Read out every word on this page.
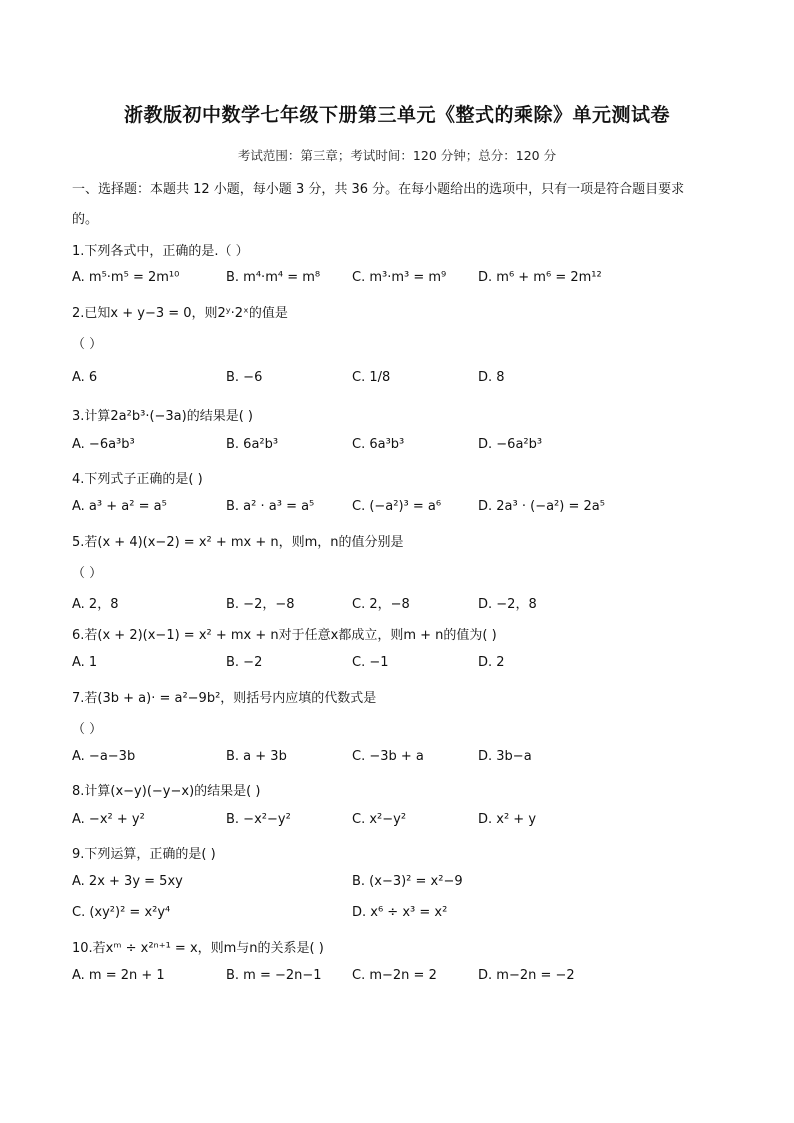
浙教版初中数学七年级下册第三单元《整式的乘除》单元测试卷
考试范围：第三章；考试时间：120 分钟；总分：120 分
一、选择题：本题共 12 小题，每小题 3 分，共 36 分。在每小题给出的选项中，只有一项是符合题目要求
的。
1.下列各式中，正确的是.（ ）
A. m⁵·m⁵ = 2m¹⁰	B. m⁴·m⁴ = m⁸ C. m³·m³ = m⁹ D. m⁶ + m⁶ = 2m¹²
2.已知x + y−3 = 0，则2ʸ·2ˣ的值是
（ ）
A. 6	B. −6	C. 1/8	D. 8
3.计算2a²b³·(−3a)的结果是( )
A. −6a³b³	B. 6a²b³	C. 6a³b³	D. −6a²b³
4.下列式子正确的是( )
A. a³ + a² = a⁵	B. a² · a³ = a⁵	C. (−a²)³ = a⁶	D. 2a³ · (−a²) = 2a⁵
5.若(x + 4)(x−2) = x² + mx + n，则m，n的值分别是
（ ）
A. 2，8	B. −2，−8	C. 2，−8	D. −2，8
6.若(x + 2)(x−1) = x² + mx + n对于任意x都成立，则m + n的值为( )
A. 1	B. −2	C. −1	D. 2
7.若(3b + a)· = a²−9b²，则括号内应填的代数式是
（ ）
A. −a−3b	B. a + 3b	C. −3b + a	D. 3b−a
8.计算(x−y)(−y−x)的结果是( )
A. −x² + y²	B. −x²−y²	C. x²−y²	D. x² + y
9.下列运算，正确的是( )
A. 2x + 3y = 5xy	B. (x−3)² = x²−9
C. (xy²)² = x²y⁴	D. x⁶ ÷ x³ = x²
10.若xᵐ ÷ x²ⁿ⁺¹ = x，则m与n的关系是( )
A. m = 2n + 1	B. m = −2n−1 C. m−2n = 2	D. m−2n = −2
